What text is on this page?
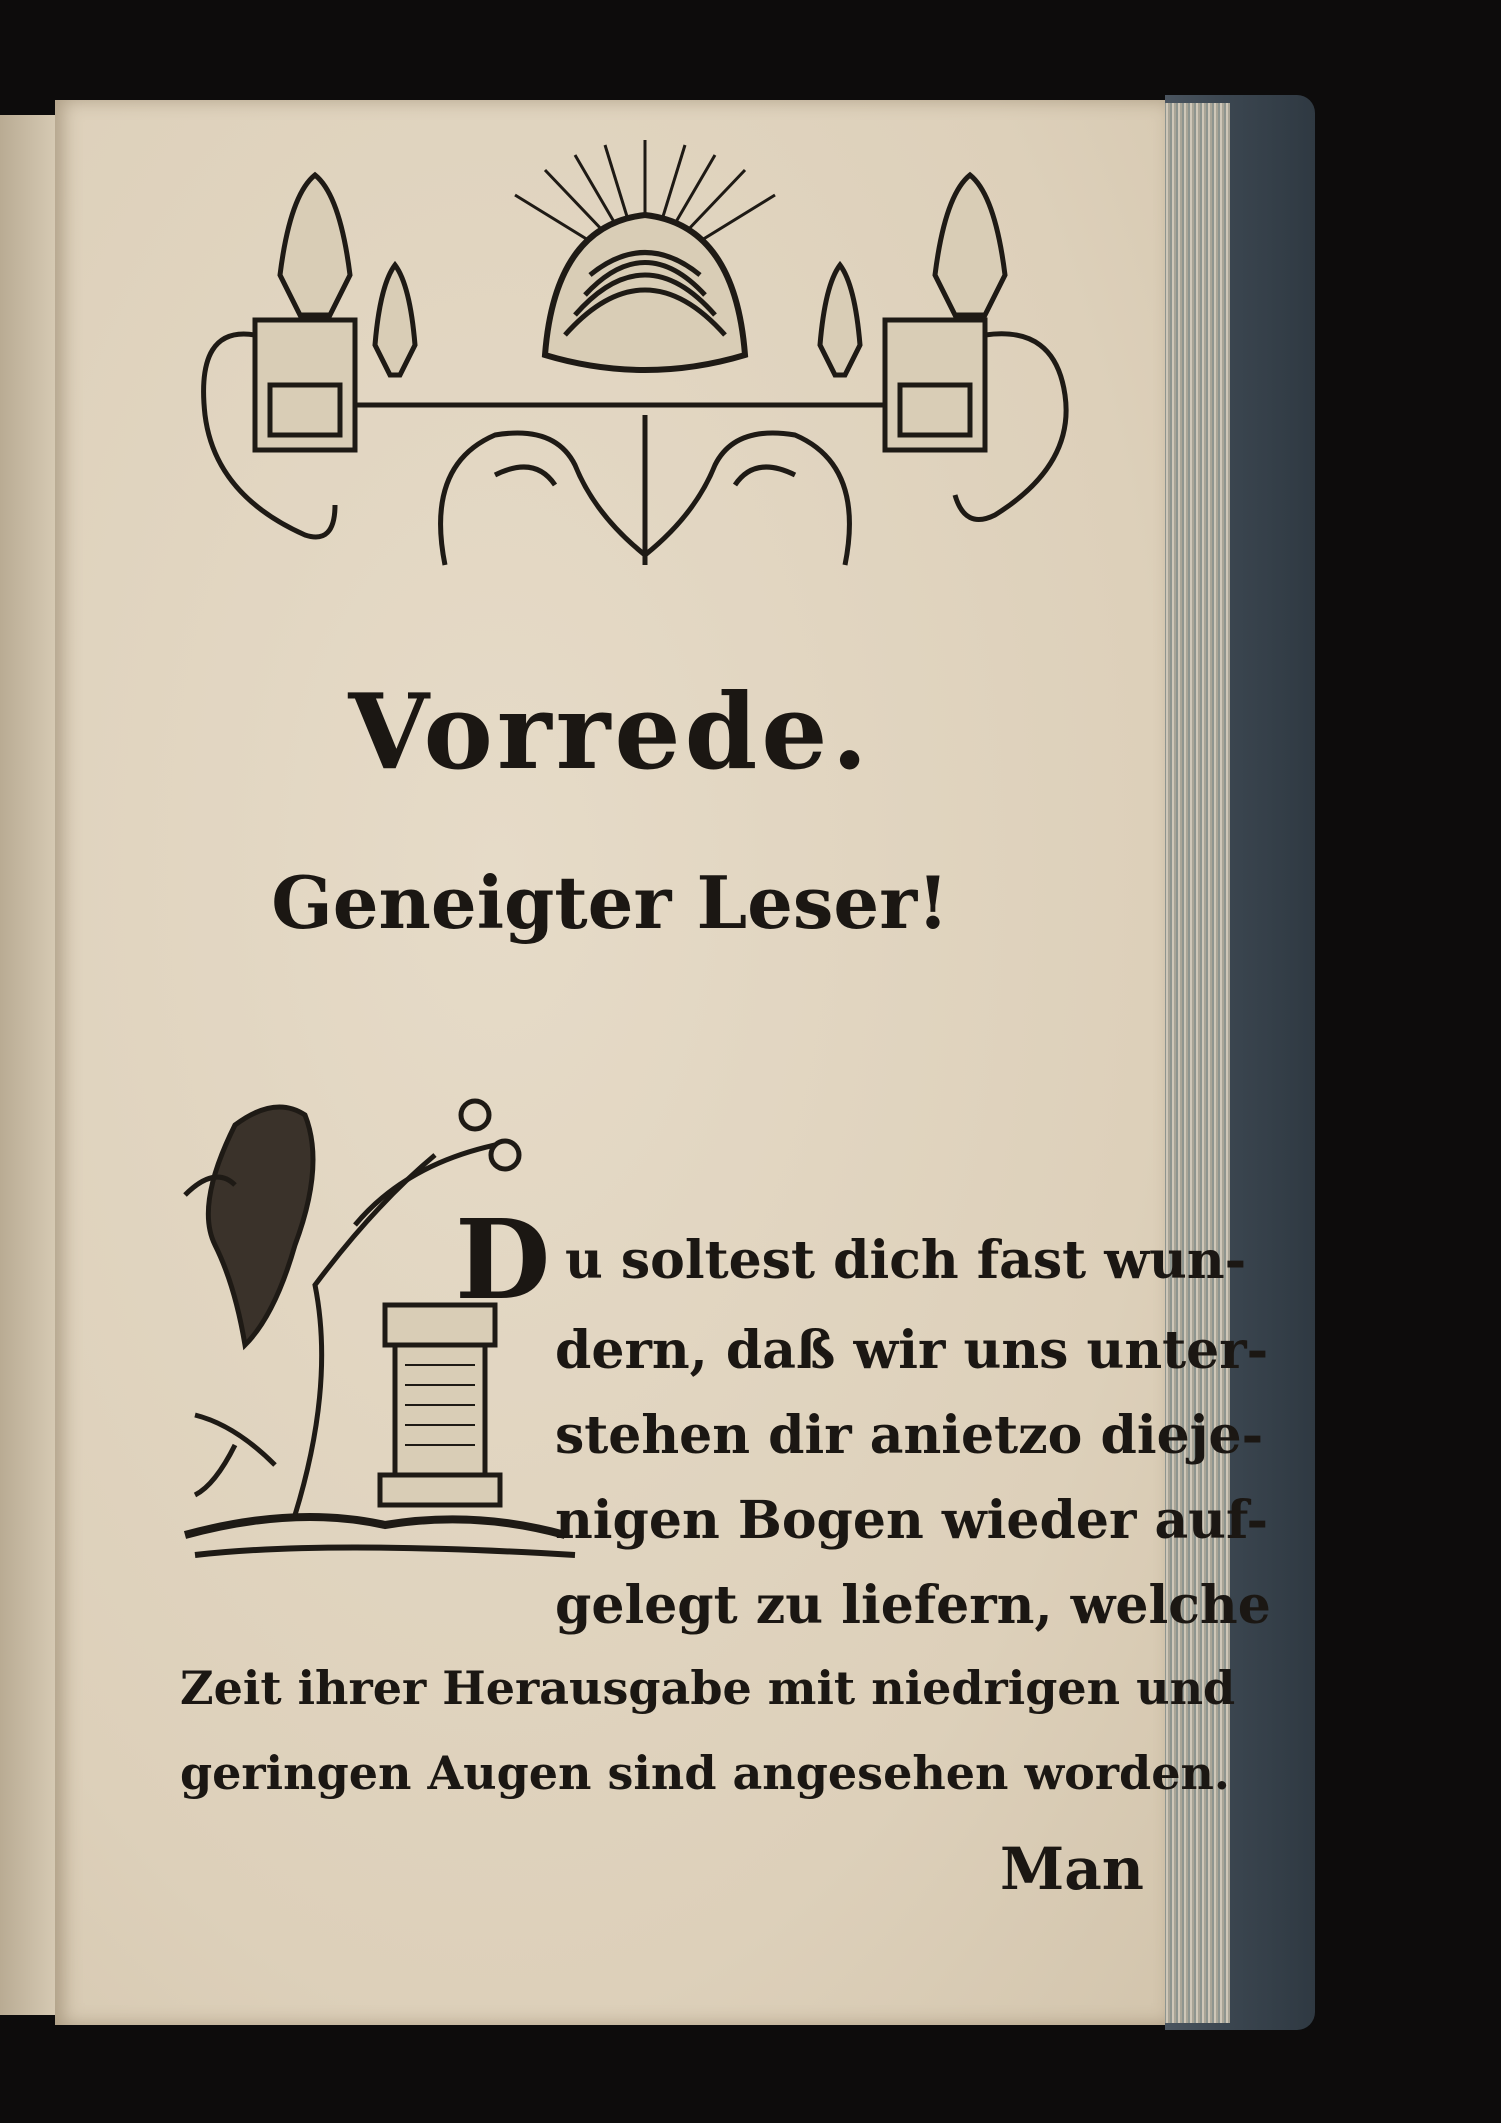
Vorrede.
Geneigter Leser!
D u soltest dich fast wun-
dern, daß wir uns unter-
stehen dir anietzo dieje-
nigen Bogen wieder auf-
gelegt zu liefern, welche
Zeit ihrer Herausgabe mit niedrigen und
geringen Augen sind angesehen worden.
Man
